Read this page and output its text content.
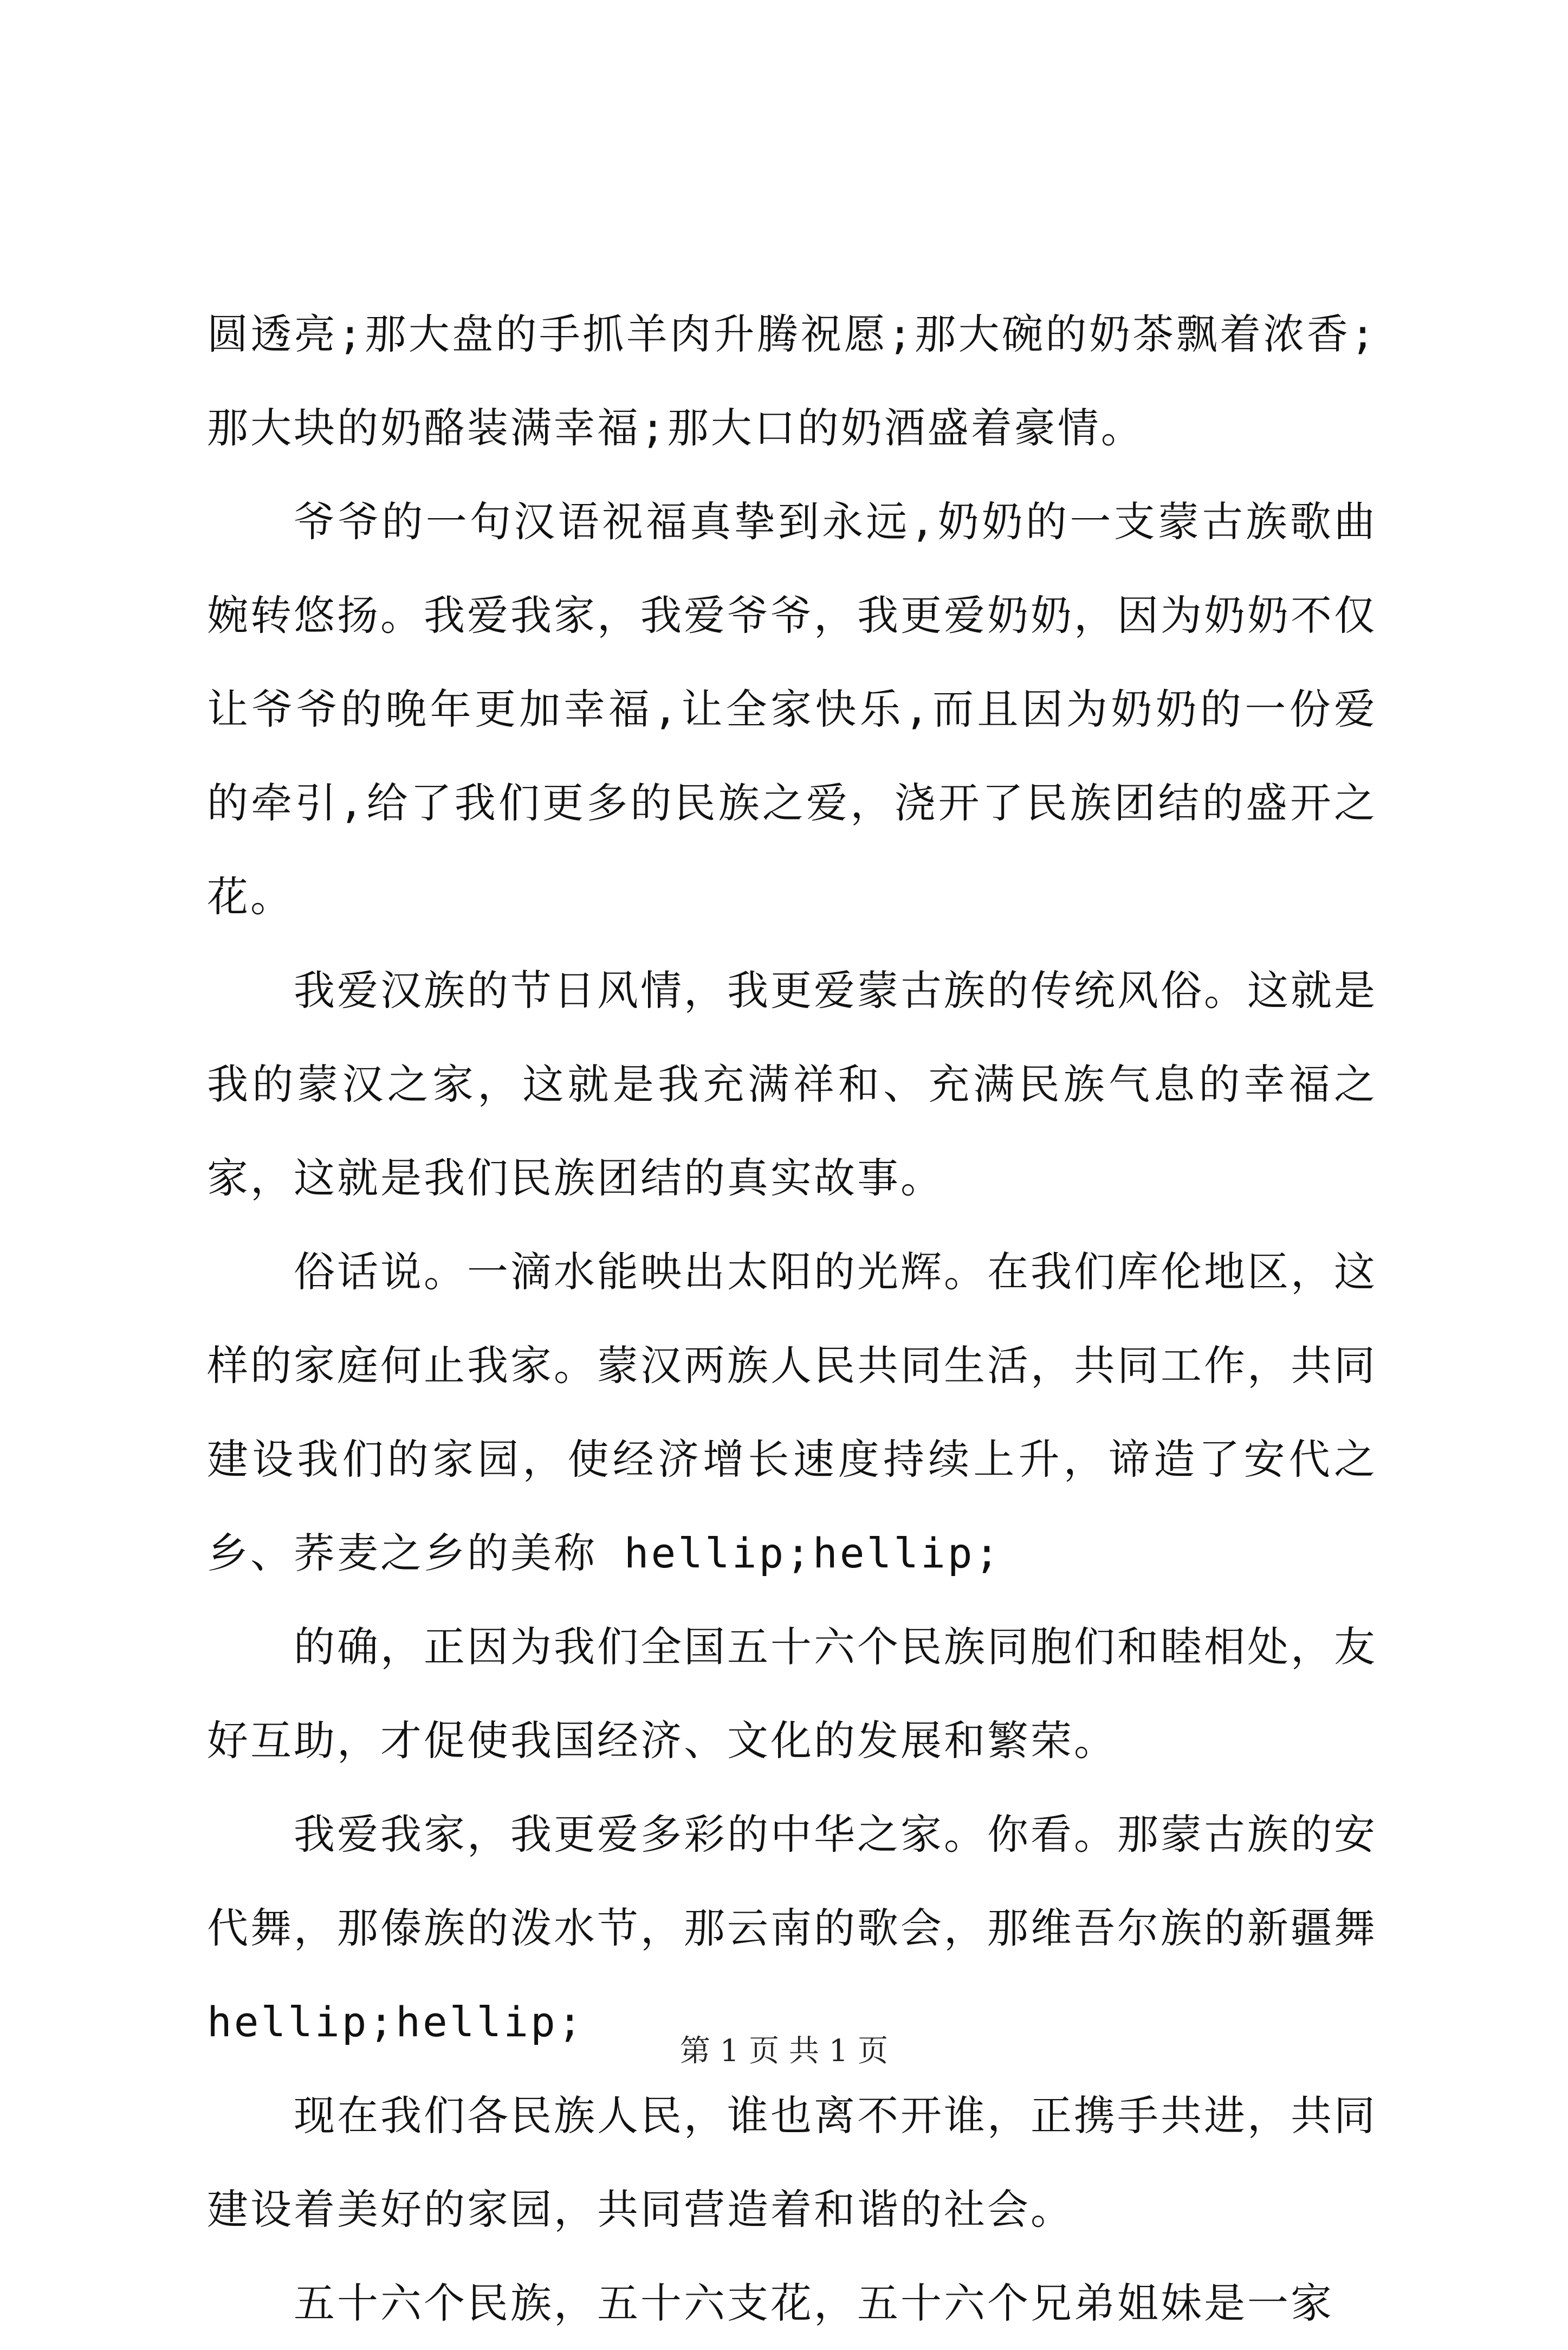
圆透亮;那大盘的手抓羊肉升腾祝愿;那大碗的奶茶飘着浓香;那大块的奶酪装满幸福;那大口的奶酒盛着豪情。

爷爷的一句汉语祝福真挚到永远,奶奶的一支蒙古族歌曲婉转悠扬。我爱我家，我爱爷爷，我更爱奶奶，因为奶奶不仅让爷爷的晚年更加幸福,让全家快乐,而且因为奶奶的一份爱的牵引,给了我们更多的民族之爱，浇开了民族团结的盛开之花。

我爱汉族的节日风情，我更爱蒙古族的传统风俗。这就是我的蒙汉之家，这就是我充满祥和、充满民族气息的幸福之家，这就是我们民族团结的真实故事。

俗话说。一滴水能映出太阳的光辉。在我们库伦地区，这样的家庭何止我家。蒙汉两族人民共同生活，共同工作，共同建设我们的家园，使经济增长速度持续上升，谛造了安代之乡、荞麦之乡的美称 hellip;hellip;

的确，正因为我们全国五十六个民族同胞们和睦相处，友好互助，才促使我国经济、文化的发展和繁荣。

我爱我家，我更爱多彩的中华之家。你看。那蒙古族的安代舞，那傣族的泼水节，那云南的歌会，那维吾尔族的新疆舞 hellip;hellip;

现在我们各民族人民，谁也离不开谁，正携手共进，共同建设着美好的家园，共同营造着和谐的社会。

五十六个民族，五十六支花，五十六个兄弟姐妹是一家

第 1 页 共 1 页
